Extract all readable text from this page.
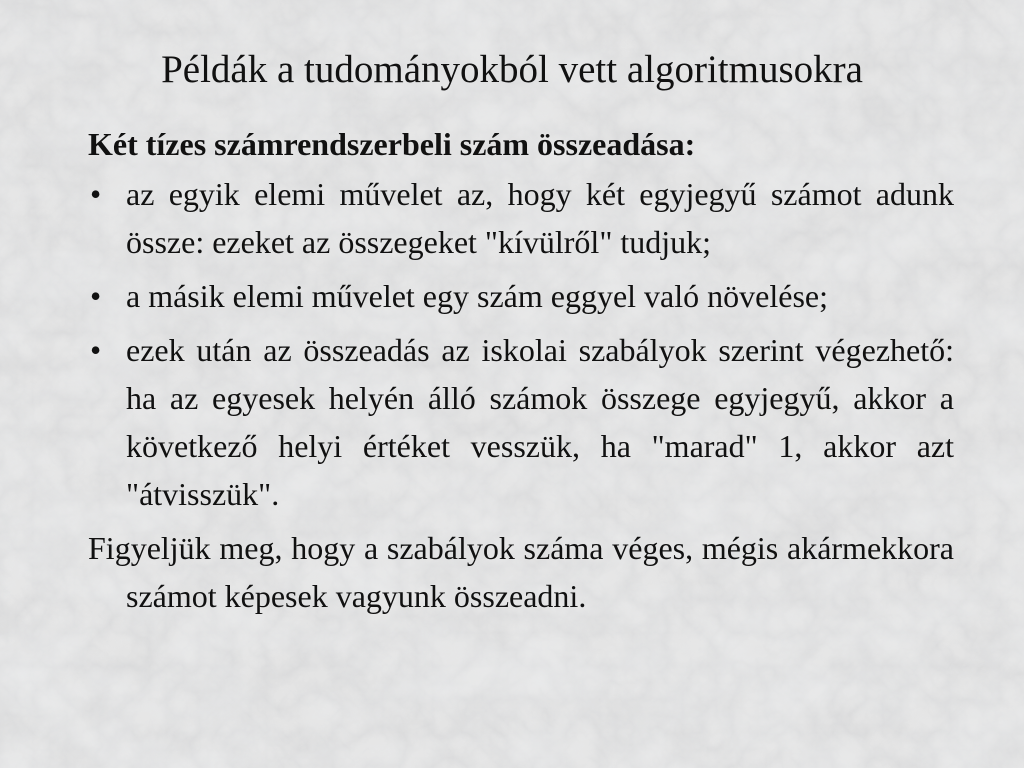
Példák a tudományokból vett algoritmusokra

Két tízes számrendszerbeli szám összeadása:

• az egyik elemi művelet az, hogy két egyjegyű számot adunk össze: ezeket az összegeket "kívülről" tudjuk;
• a másik elemi művelet egy szám eggyel való növelése;
• ezek után az összeadás az iskolai szabályok szerint végezhető: ha az egyesek helyén álló számok összege egyjegyű, akkor a következő helyi értéket vesszük, ha "marad" 1, akkor azt "átvisszük".

Figyeljük meg, hogy a szabályok száma véges, mégis akármekkora számot képesek vagyunk összeadni.
